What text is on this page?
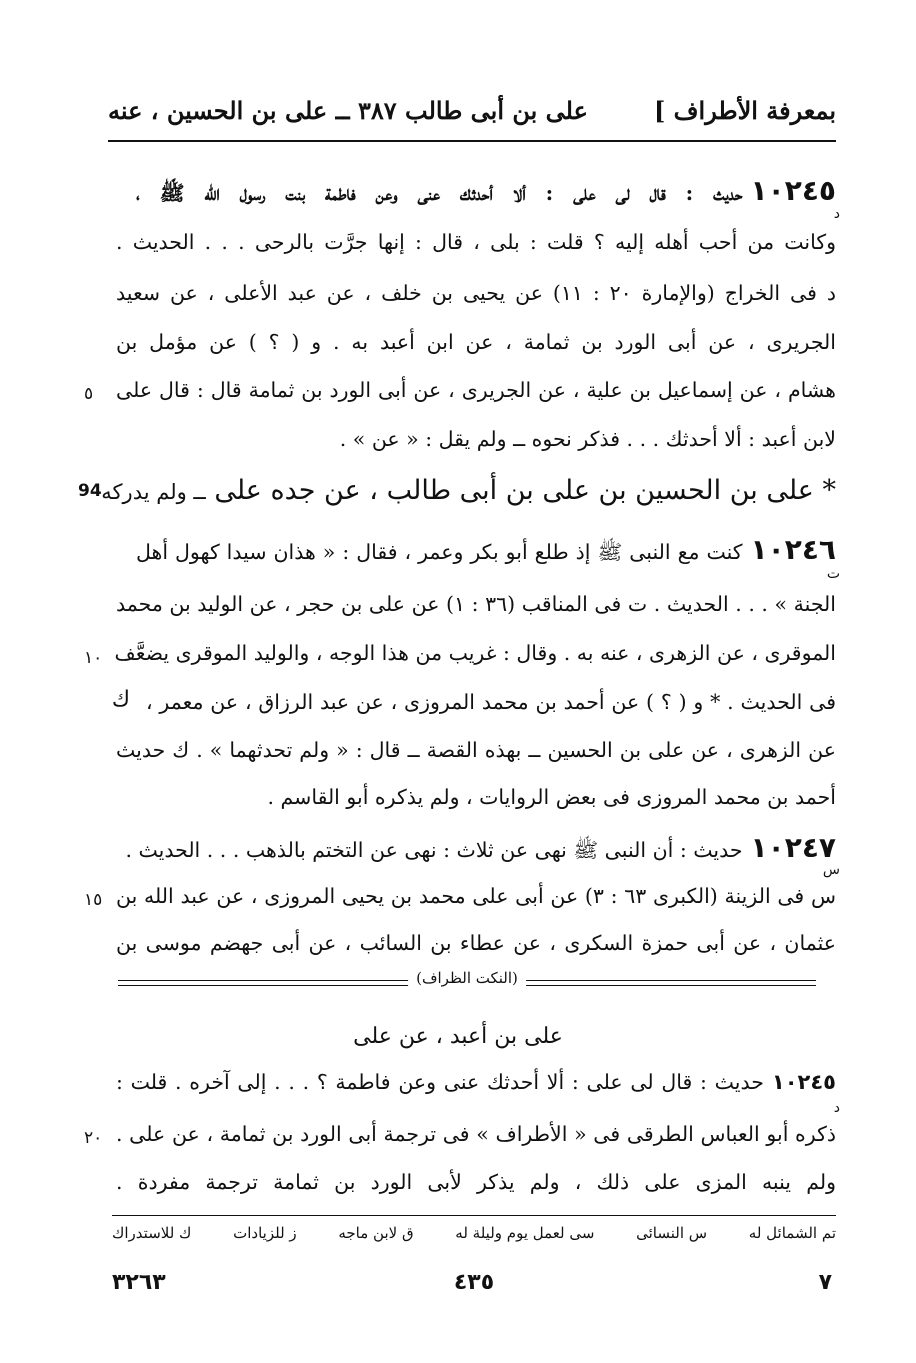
بمعرفة الأطراف ]
على بن أبى طالب ٣٨٧ ــ على بن الحسين ، عنه
١٠٢٤٥حديث : قال لى على : ألا أحدثك عنى وعن فاطمة بنت رسول الله ﷺ ،
د
وكانت من أحب أهله إليه ؟ قلت : بلى ، قال : إنها جرَّت بالرحى . . . الحديث .
د فى الخراج (والإمارة ٢٠ : ١١) عن يحيى بن خلف ، عن عبد الأعلى ، عن سعيد
الجريرى ، عن أبى الورد بن ثمامة ، عن ابن أعبد به . و ( ؟ ) عن مؤمل بن
هشام ، عن إسماعيل بن علية ، عن الجريرى ، عن أبى الورد بن ثمامة قال : قال على
٥
لابن أعبد : ألا أحدثك . . . فذكر نحوه ــ ولم يقل : « عن » .
94	* على بن الحسين بن على بن أبى طالب ، عن جده على ــ ولم يدركه
١٠٢٤٦كنت مع النبى ﷺ إذ طلع أبو بكر وعمر ، فقال : « هذان سيدا كهول أهل
ت
الجنة » . . . الحديث . ت فى المناقب (٣٦ : ١) عن على بن حجر ، عن الوليد بن محمد
الموقرى ، عن الزهرى ، عنه به . وقال : غريب من هذا الوجه ، والوليد الموقرى يضعَّف
١٠
ك فى الحديث . * و ( ؟ ) عن أحمد بن محمد المروزى ، عن عبد الرزاق ، عن معمر ،
عن الزهرى ، عن على بن الحسين ــ بهذه القصة ــ قال : « ولم تحدثهما » . ك حديث
أحمد بن محمد المروزى فى بعض الروايات ، ولم يذكره أبو القاسم .
١٠٢٤٧حديث : أن النبى ﷺ نهى عن ثلاث : نهى عن التختم بالذهب . . . الحديث .
س
س فى الزينة (الكبرى ٦٣ : ٣) عن أبى على محمد بن يحيى المروزى ، عن عبد الله بن
١٥
عثمان ، عن أبى حمزة السكرى ، عن عطاء بن السائب ، عن أبى جهضم موسى بن
(النكت الظراف)
على بن أعبد ، عن على
١٠٢٤٥حديث : قال لى على : ألا أحدثك عنى وعن فاطمة ؟ . . . إلى آخره . قلت :
د
ذكره أبو العباس الطرقى فى « الأطراف » فى ترجمة أبى الورد بن ثمامة ، عن على .
٢٠
ولم ينبه المزى على ذلك ، ولم يذكر لأبى الورد بن ثمامة ترجمة مفردة .
تم الشمائل له
س النسائى
سى لعمل يوم وليلة له
ق لابن ماجه
ز للزيادات
ك للاستدراك
٧
٤٣٥
٣٢٦٣
